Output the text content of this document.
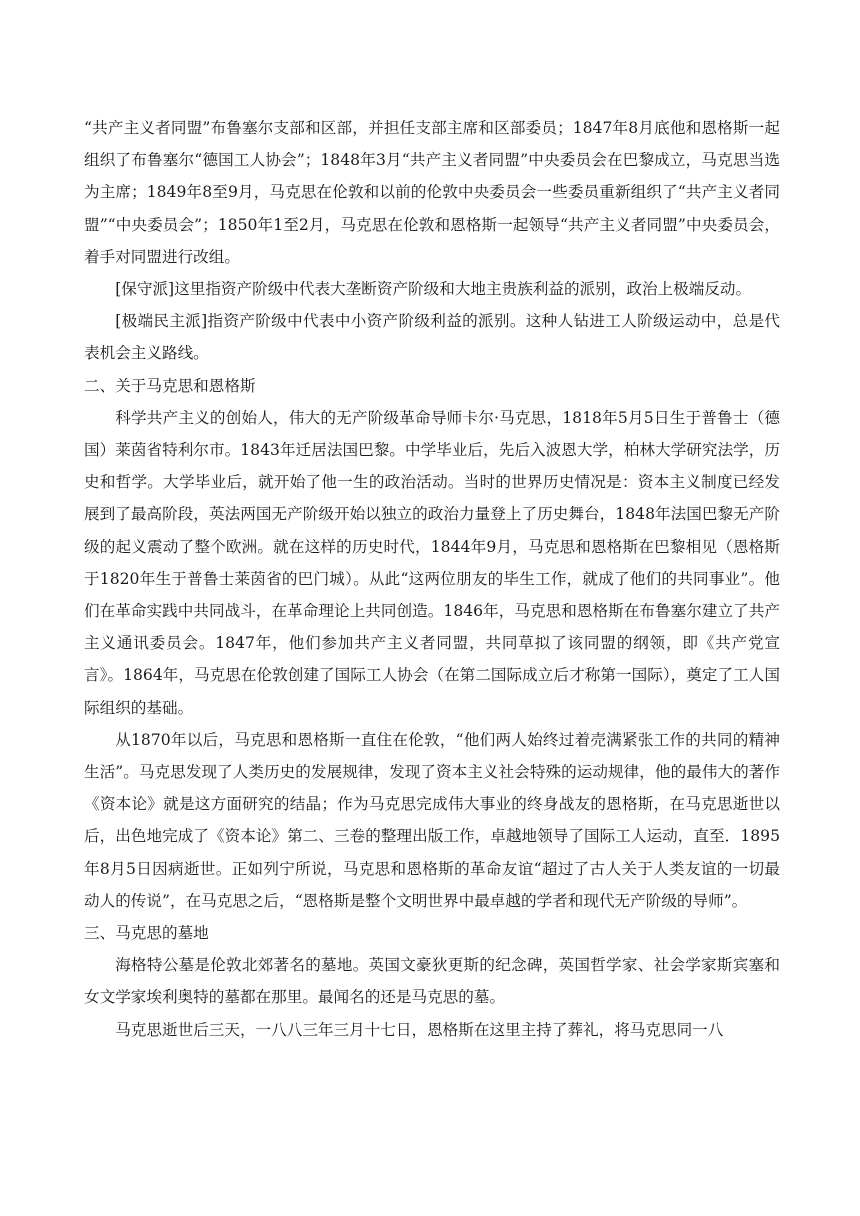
“共产主义者同盟”布鲁塞尔支部和区部，并担任支部主席和区部委员；1847年8月底他和恩格斯一起组织了布鲁塞尔“德国工人协会”；1848年3月“共产主义者同盟”中央委员会在巴黎成立，马克思当选为主席；1849年8至9月，马克思在伦敦和以前的伦敦中央委员会一些委员重新组织了“共产主义者同盟”“中央委员会”；1850年1至2月，马克思在伦敦和恩格斯一起领导“共产主义者同盟”中央委员会，着手对同盟进行改组。

[保守派]这里指资产阶级中代表大垄断资产阶级和大地主贵族利益的派别，政治上极端反动。

[极端民主派]指资产阶级中代表中小资产阶级利益的派别。这种人钻进工人阶级运动中，总是代表机会主义路线。

二、关于马克思和恩格斯

科学共产主义的创始人，伟大的无产阶级革命导师卡尔·马克思，1818年5月5日生于普鲁士（德国）莱茵省特利尔市。1843年迁居法国巴黎。中学毕业后，先后入波恩大学，柏林大学研究法学，历史和哲学。大学毕业后，就开始了他一生的政治活动。当时的世界历史情况是：资本主义制度已经发展到了最高阶段，英法两国无产阶级开始以独立的政治力量登上了历史舞台，1848年法国巴黎无产阶级的起义震动了整个欧洲。就在这样的历史时代，1844年9月，马克思和恩格斯在巴黎相见（恩格斯于1820年生于普鲁士莱茵省的巴门城）。从此“这两位朋友的毕生工作，就成了他们的共同事业”。他们在革命实践中共同战斗，在革命理论上共同创造。1846年，马克思和恩格斯在布鲁塞尔建立了共产主义通讯委员会。1847年，他们参加共产主义者同盟，共同草拟了该同盟的纲领，即《共产党宣言》。1864年，马克思在伦敦创建了国际工人协会（在第二国际成立后才称第一国际），奠定了工人国际组织的基础。

从1870年以后，马克思和恩格斯一直住在伦敦，“他们两人始终过着売满紧张工作的共同的精神生活”。马克思发现了人类历史的发展规律，发现了资本主义社会特殊的运动规律，他的最伟大的著作《资本论》就是这方面研究的结晶；作为马克思完成伟大事业的终身战友的恩格斯，在马克思逝世以后，出色地完成了《资本论》第二、三卷的整理出版工作，卓越地领导了国际工人运动，直至．1895年8月5日因病逝世。正如列宁所说，马克思和恩格斯的革命友谊“超过了古人关于人类友谊的一切最动人的传说”，在马克思之后，“恩格斯是整个文明世界中最卓越的学者和现代无产阶级的导师”。

三、马克思的墓地

海格特公墓是伦敦北郊著名的墓地。英国文豪狄更斯的纪念碑，英国哲学家、社会学家斯宾塞和女文学家埃利奥特的墓都在那里。最闻名的还是马克思的墓。

马克思逝世后三天，一八八三年三月十七日，恩格斯在这里主持了葬礼，将马克思同一八
